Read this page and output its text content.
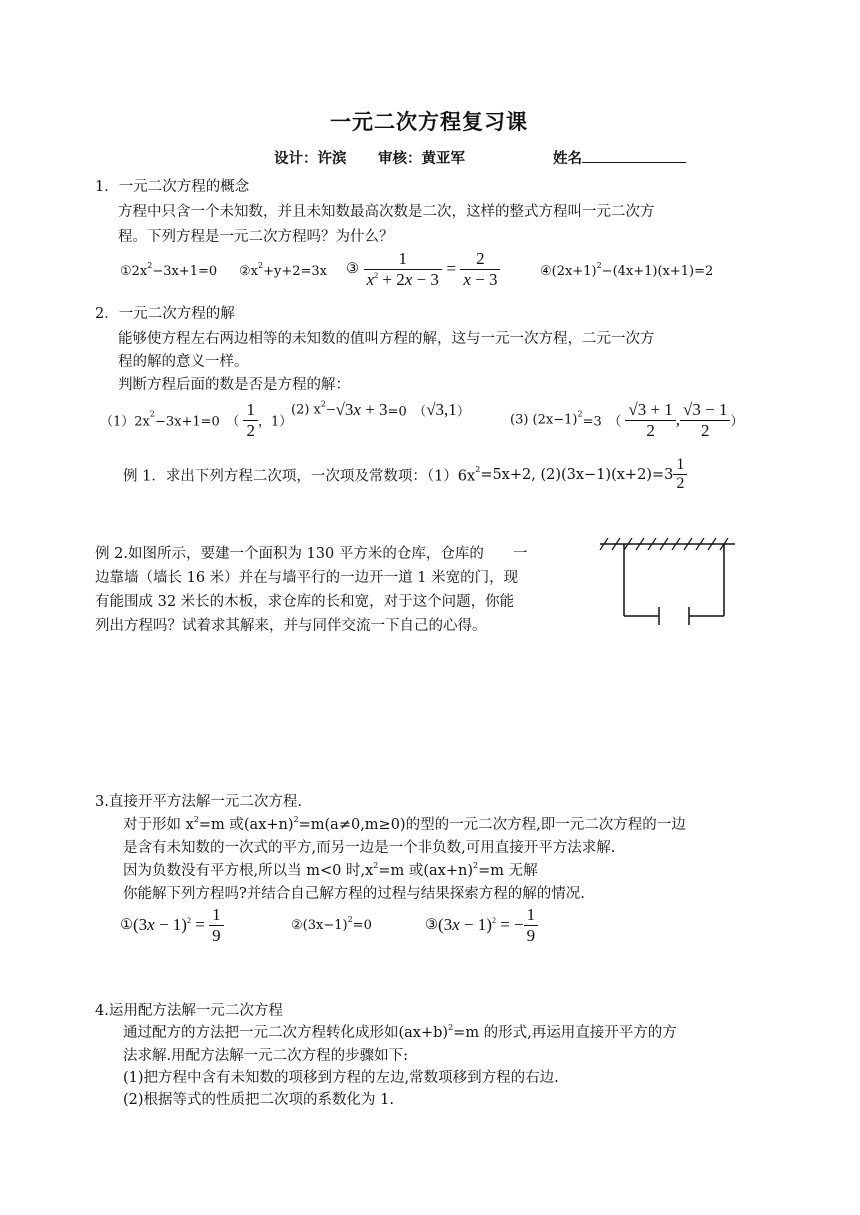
一元二次方程复习课
设计：许滨 审核：黄亚军	姓名
1．一元二次方程的概念
方程中只含一个未知数，并且未知数最高次数是二次，这样的整式方程叫一元二次方
程。下列方程是一元二次方程吗？为什么？
$①2x^2-3x+1=0$ $②x^2+y+2=3x$ ③ $\frac{1}{x^2 + 2x - 3} = \frac{2}{x - 3}$	$④(2x+1)^2-(4x+1)(x+1)=2$
2．一元二次方程的解
能够使方程左右两边相等的未知数的值叫方程的解，这与一元一次方程，二元一次方
程的解的意义一样。
判断方程后面的数是否是方程的解：
$(1)2x^2-3x+1=0$　（ $\frac{1}{2}$ ，1）
(2) $x^2-√3x + 3=0$　（√3,1）
(3) $(2x-1)^2=3$　（ $\frac{√3 + 1}{2}$ , $\frac{√3 - 1}{2}$ ）
例 1．求出下列方程二次项，一次项及常数项：$(1)6x^2=5x+2$, $(2)(3x-1)(x+2)=3 \frac{1}{2}$
例 2.如图所示，要建一个面积为 130 平方米的仓库，仓库的　　一
边靠墙（墙长 16 米）并在与墙平行的一边开一道 1 米宽的门，现
有能围成 32 米长的木板，求仓库的长和宽，对于这个问题，你能
列出方程吗？试着求其解来，并与同伴交流一下自己的心得。
3.直接开平方法解一元二次方程.
对于形如 $x^2=m$ 或$(ax+n)^2=m(a\ne 0,m\ge 0)$的型的一元二次方程,即一元二次方程的一边
是含有未知数的一次式的平方,而另一边是一个非负数,可用直接开平方法求解.
因为负数没有平方根,所以当 m<0 时$,x^2=m$ 或$(ax+n)^2=m$ 无解
你能解下列方程吗?并结合自己解方程的过程与结果探索方程的解的情况.
①(3x − $1)^2 = \frac{1}{9}$	$②(3x-1)^2=0$	③(3x − 1)$^2$ = − $\frac{1}{9}$
4.运用配方法解一元二次方程
通过配方的方法把一元二次方程转化成形如$(ax+b)^2=m$ 的形式,再运用直接开平方的方
法求解.用配方法解一元二次方程的步骤如下:
(1)把方程中含有未知数的项移到方程的左边,常数项移到方程的右边.
(2)根据等式的性质把二次项的系数化为 1.
